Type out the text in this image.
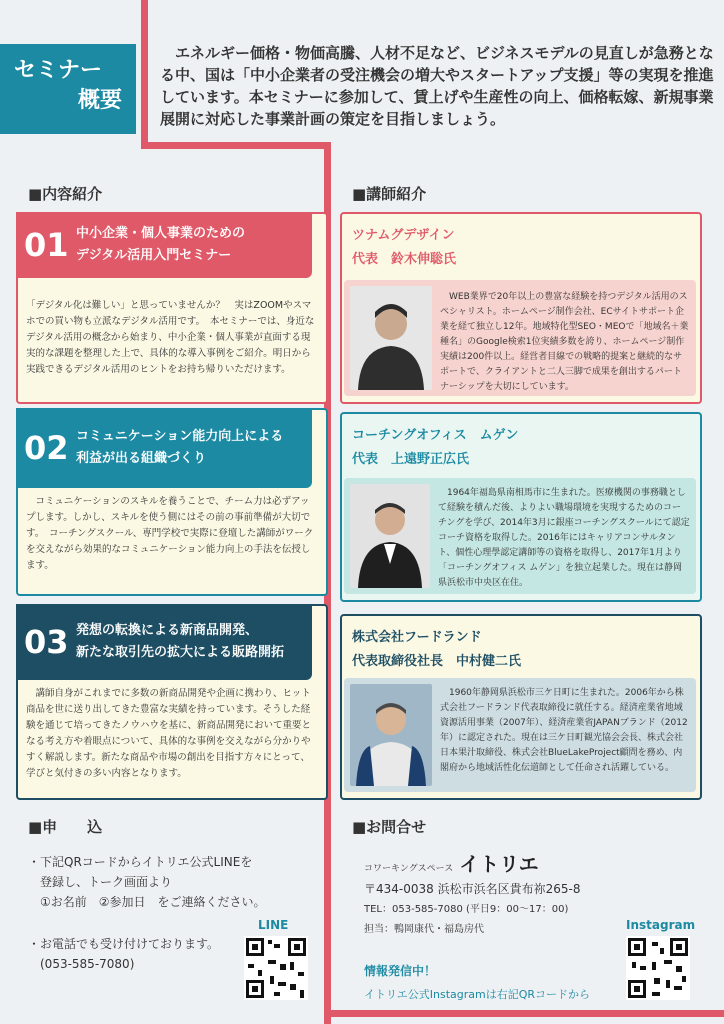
セミナー
概要
エネルギー価格・物価高騰、人材不足など、ビジネスモデルの見直しが急務となる中、国は「中小企業者の受注機会の増大やスタートアップ支援」等の実現を推進しています。本セミナーに参加して、賃上げや生産性の向上、価格転嫁、新規事業展開に対応した事業計画の策定を目指しましょう。
■内容紹介	■講師紹介
01 中小企業・個人事業のための
デジタル活用入門セミナー
「デジタル化は難しい」と思っていませんか？　実はZOOMやスマホでの買い物も立派なデジタル活用です。　本セミナーでは、身近なデジタル活用の概念から始まり、中小企業・個人事業が直面する現実的な課題を整理した上で、具体的な導入事例をご紹介。明日から実践できるデジタル活用のヒントをお持ち帰りいただけます。
02 コミュニケーション能力向上による
利益が出る組織づくり
　コミュニケーションのスキルを養うことで、チーム力は必ずアップします。しかし、スキルを使う側にはその前の事前準備が大切です。　コーチングスクール、専門学校で実際に登壇した講師がワークを交えながら効果的なコミュニケーション能力向上の手法を伝授します。
03 発想の転換による新商品開発、
新たな取引先の拡大による販路開拓
　講師自身がこれまでに多数の新商品開発や企画に携わり、ヒット商品を世に送り出してきた豊富な実績を持っています。そうした経験を通じて培ってきたノウハウを基に、新商品開発において重要となる考え方や着眼点について、具体的な事例を交えながら分かりやすく解説します。新たな商品や市場の創出を目指す方々にとって、学びと気付きの多い内容となります。
ツナムグデザイン
代表　鈴木伸聡氏
　WEB業界で20年以上の豊富な経験を持つデジタル活用のスペシャリスト。ホームページ制作会社、ECサイトサポート企業を経て独立し12年。地域特化型SEO・MEOで「地域名＋業種名」のGoogle検索1位実績多数を誇り、ホームページ制作実績は200件以上。経営者目線での戦略的提案と継続的なサポートで、クライアントと二人三脚で成果を創出するパートナーシップを大切にしています。
コーチングオフィス　ムゲン
代表　上遠野正広氏
　1964年福島県南相馬市に生まれた。医療機関の事務職として経験を積んだ後、よりよい職場環境を実現するためのコーチングを学び、2014年3月に銀座コーチングスクールにて認定コーチ資格を取得した。2016年にはキャリアコンサルタント、個性心理學認定講師等の資格を取得し、2017年1月より「コーチングオフィス ムゲン」を独立起業した。現在は静岡県浜松市中央区在住。
株式会社フードランド
代表取締役社長　中村健二氏
　1960年静岡県浜松市三ケ日町に生まれた。2006年から株式会社フードランド代表取締役に就任する。経済産業省地域資源活用事業（2007年）、経済産業省JAPANブランド（2012年）に認定された。現在は三ケ日町観光協会会長、株式会社日本果汁取締役、株式会社BlueLakeProject顧問を務め、内閣府から地域活性化伝道師として任命され活躍している。
■申　　込
・下記QRコードからイトリエ公式LINEを
　登録し、トーク画面より
　①お名前　②参加日　をご連絡ください。
・お電話でも受け付けております。
　(053-585-7080)
LINE
■お問合せ
コワーキングスペース イトリエ
〒434-0038 浜松市浜名区貴布祢265-8
TEL：053-585-7080 (平日9：00～17：00)
担当：鴨岡康代・福島房代
情報発信中！
イトリエ公式Instagramは右記QRコードから
Instagram
